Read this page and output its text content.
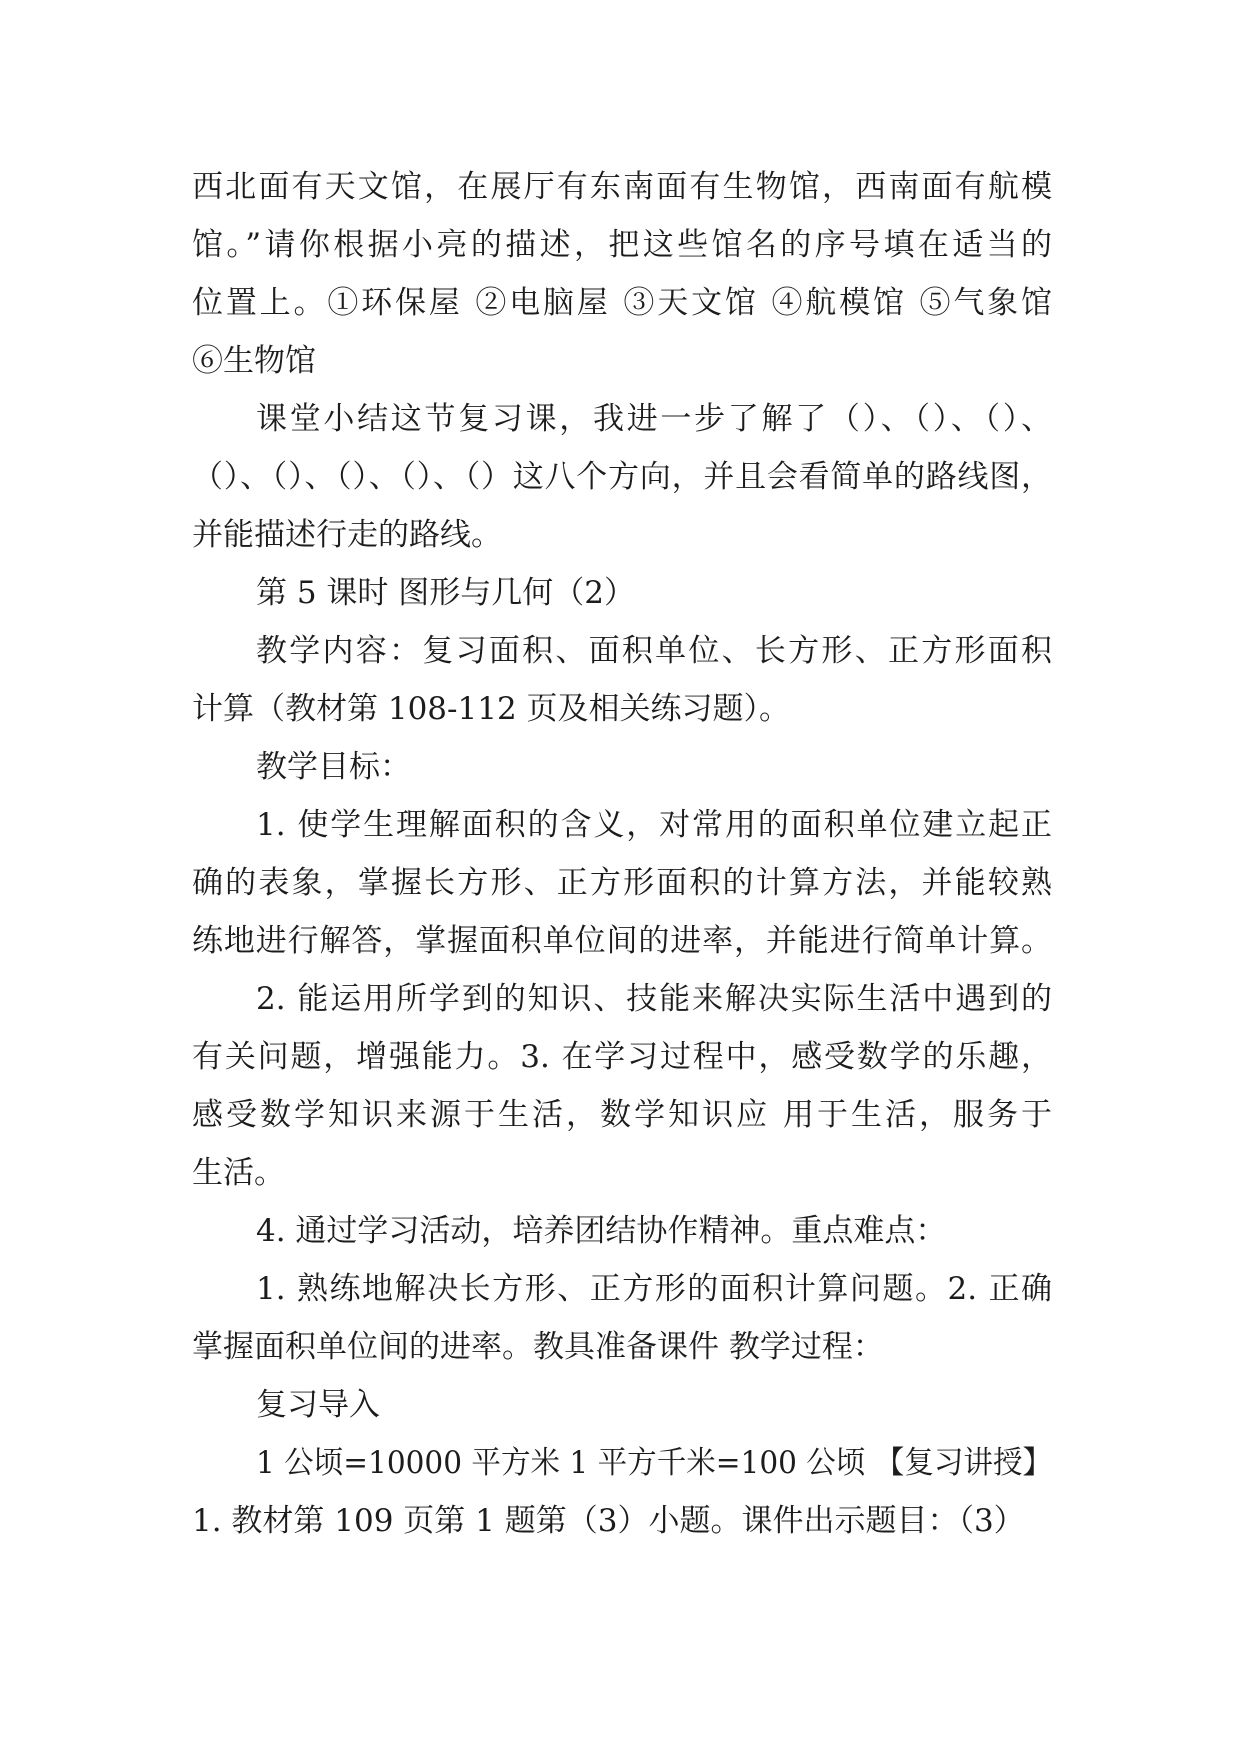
西北面有天文馆，在展厅有东南面有生物馆，西南面有航模
馆。”请你根据小亮的描述，把这些馆名的序号填在适当的
位置上。①环保屋 ②电脑屋 ③天文馆 ④航模馆 ⑤气象馆
⑥生物馆
课堂小结这节复习课，我进一步了解了（）、（）、（）、
（）、（）、（）、（）、（）这八个方向，并且会看简单的路线图，
并能描述行走的路线。
第 5 课时 图形与几何（2）
教学内容：复习面积、面积单位、长方形、正方形面积
计算（教材第 108-112 页及相关练习题）。
教学目标：
1. 使学生理解面积的含义，对常用的面积单位建立起正
确的表象，掌握长方形、正方形面积的计算方法，并能较熟
练地进行解答，掌握面积单位间的进率，并能进行简单计算。
2. 能运用所学到的知识、技能来解决实际生活中遇到的
有关问题，增强能力。3. 在学习过程中，感受数学的乐趣，
感受数学知识来源于生活，数学知识应 用于生活，服务于
生活。
4. 通过学习活动，培养团结协作精神。重点难点：
1. 熟练地解决长方形、正方形的面积计算问题。2. 正确
掌握面积单位间的进率。教具准备课件 教学过程：
复习导入
1 公顷=10000 平方米 1 平方千米=100 公顷 【复习讲授】
1. 教材第 109 页第 1 题第（3）小题。课件出示题目：（3）
